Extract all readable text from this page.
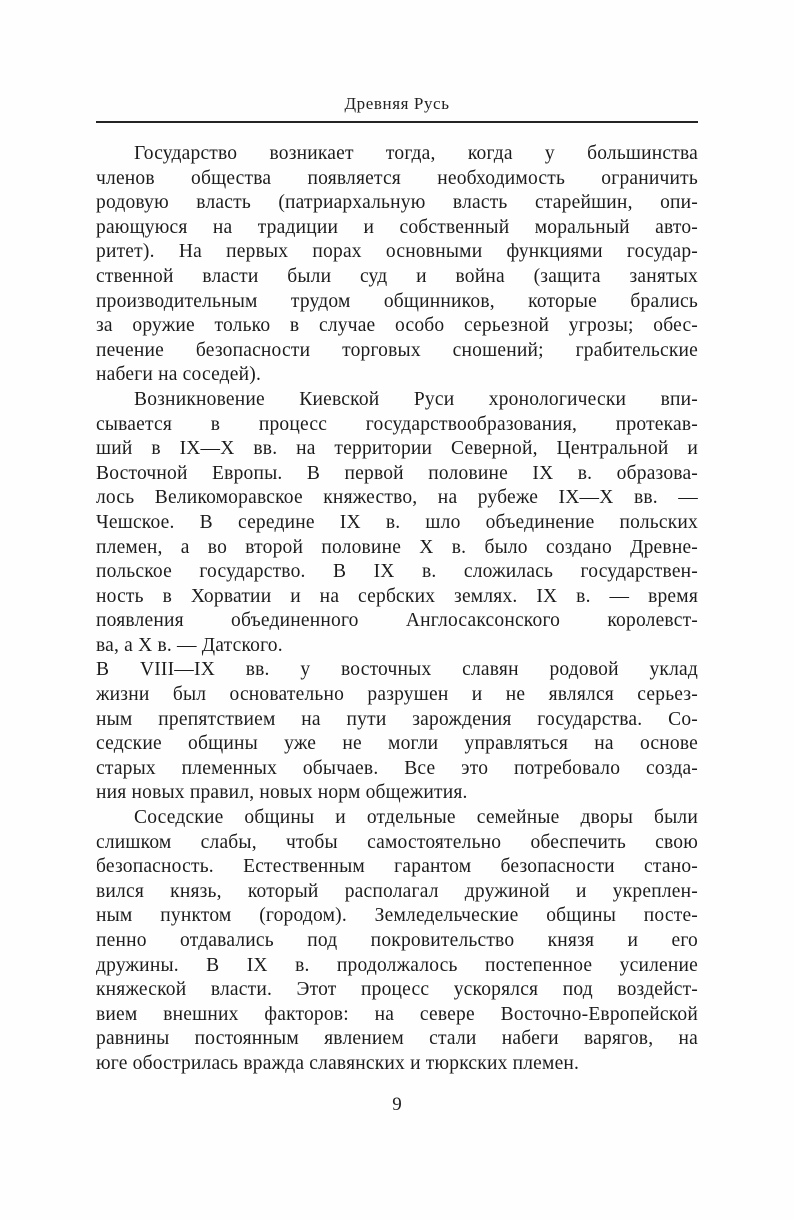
Древняя Русь
Государство возникает тогда, когда у большинства
членов общества появляется необходимость ограничить
родовую власть (патриархальную власть старейшин, опи-
рающуюся на традиции и собственный моральный авто-
ритет). На первых порах основными функциями государ-
ственной власти были суд и война (защита занятых
производительным трудом общинников, которые брались
за оружие только в случае особо серьезной угрозы; обес-
печение безопасности торговых сношений; грабительские
набеги на соседей).
Возникновение Киевской Руси хронологически впи-
сывается в процесс государствообразования, протекав-
ший в IX—X вв. на территории Северной, Центральной и
Восточной Европы. В первой половине IX в. образова-
лось Великоморавское княжество, на рубеже IX—X вв. —
Чешское. В середине IX в. шло объединение польских
племен, а во второй половине X в. было создано Древне-
польское государство. В IX в. сложилась государствен-
ность в Хорватии и на сербских землях. IX в. — время
появления объединенного Англосаксонского королевст-
ва, а X в. — Датского.
В VIII—IX вв. у восточных славян родовой уклад
жизни был основательно разрушен и не являлся серьез-
ным препятствием на пути зарождения государства. Со-
седские общины уже не могли управляться на основе
старых племенных обычаев. Все это потребовало созда-
ния новых правил, новых норм общежития.
Соседские общины и отдельные семейные дворы были
слишком слабы, чтобы самостоятельно обеспечить свою
безопасность. Естественным гарантом безопасности стано-
вился князь, который располагал дружиной и укреплен-
ным пунктом (городом). Земледельческие общины посте-
пенно отдавались под покровительство князя и его
дружины. В IX в. продолжалось постепенное усиление
княжеской власти. Этот процесс ускорялся под воздейст-
вием внешних факторов: на севере Восточно-Европейской
равнины постоянным явлением стали набеги варягов, на
юге обострилась вражда славянских и тюркских племен.
9
